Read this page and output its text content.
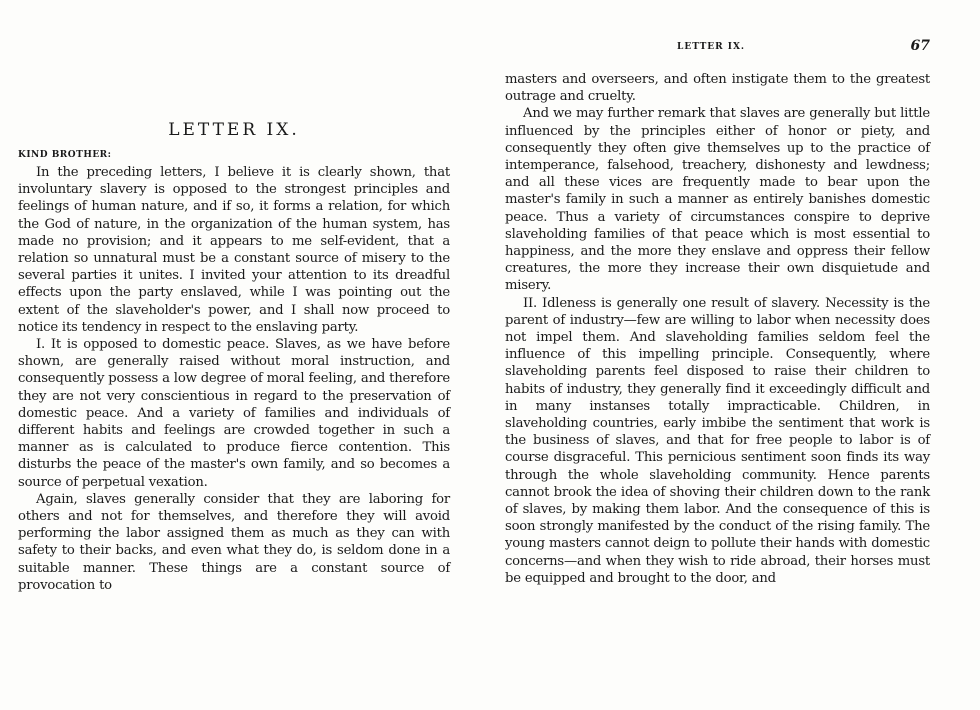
LETTER IX.
KIND BROTHER:

In the preceding letters, I believe it is clearly shown, that involuntary slavery is opposed to the strongest principles and feelings of human nature, and if so, it forms a relation, for which the God of nature, in the organization of the human system, has made no provision; and it appears to me self-evident, that a relation so unnatural must be a constant source of misery to the several parties it unites. I invited your attention to its dreadful effects upon the party enslaved, while I was pointing out the extent of the slaveholder's power, and I shall now proceed to notice its tendency in respect to the enslaving party.

I. It is opposed to domestic peace. Slaves, as we have before shown, are generally raised without moral instruction, and consequently possess a low degree of moral feeling, and therefore they are not very conscientious in regard to the preservation of domestic peace. And a variety of families and individuals of different habits and feelings are crowded together in such a manner as is calculated to produce fierce contention. This disturbs the peace of the master's own family, and so becomes a source of perpetual vexation.

Again, slaves generally consider that they are laboring for others and not for themselves, and therefore they will avoid performing the labor assigned them as much as they can with safety to their backs, and even what they do, is seldom done in a suitable manner. These things are a constant source of provocation to

LETTER IX.	67

masters and overseers, and often instigate them to the greatest outrage and cruelty.

And we may further remark that slaves are generally but little influenced by the principles either of honor or piety, and consequently they often give themselves up to the practice of intemperance, falsehood, treachery, dishonesty and lewdness; and all these vices are frequently made to bear upon the master's family in such a manner as entirely banishes domestic peace. Thus a variety of circumstances conspire to deprive slaveholding families of that peace which is most essential to happiness, and the more they enslave and oppress their fellow creatures, the more they increase their own disquietude and misery.

II. Idleness is generally one result of slavery. Necessity is the parent of industry—few are willing to labor when necessity does not impel them. And slaveholding families seldom feel the influence of this impelling principle. Consequently, where slaveholding parents feel disposed to raise their children to habits of industry, they generally find it exceedingly difficult and in many instanses totally impracticable. Children, in slaveholding countries, early imbibe the sentiment that work is the business of slaves, and that for free people to labor is of course disgraceful. This pernicious sentiment soon finds its way through the whole slaveholding community. Hence parents cannot brook the idea of shoving their children down to the rank of slaves, by making them labor. And the consequence of this is soon strongly manifested by the conduct of the rising family. The young masters cannot deign to pollute their hands with domestic concerns—and when they wish to ride abroad, their horses must be equipped and brought to the door, and
